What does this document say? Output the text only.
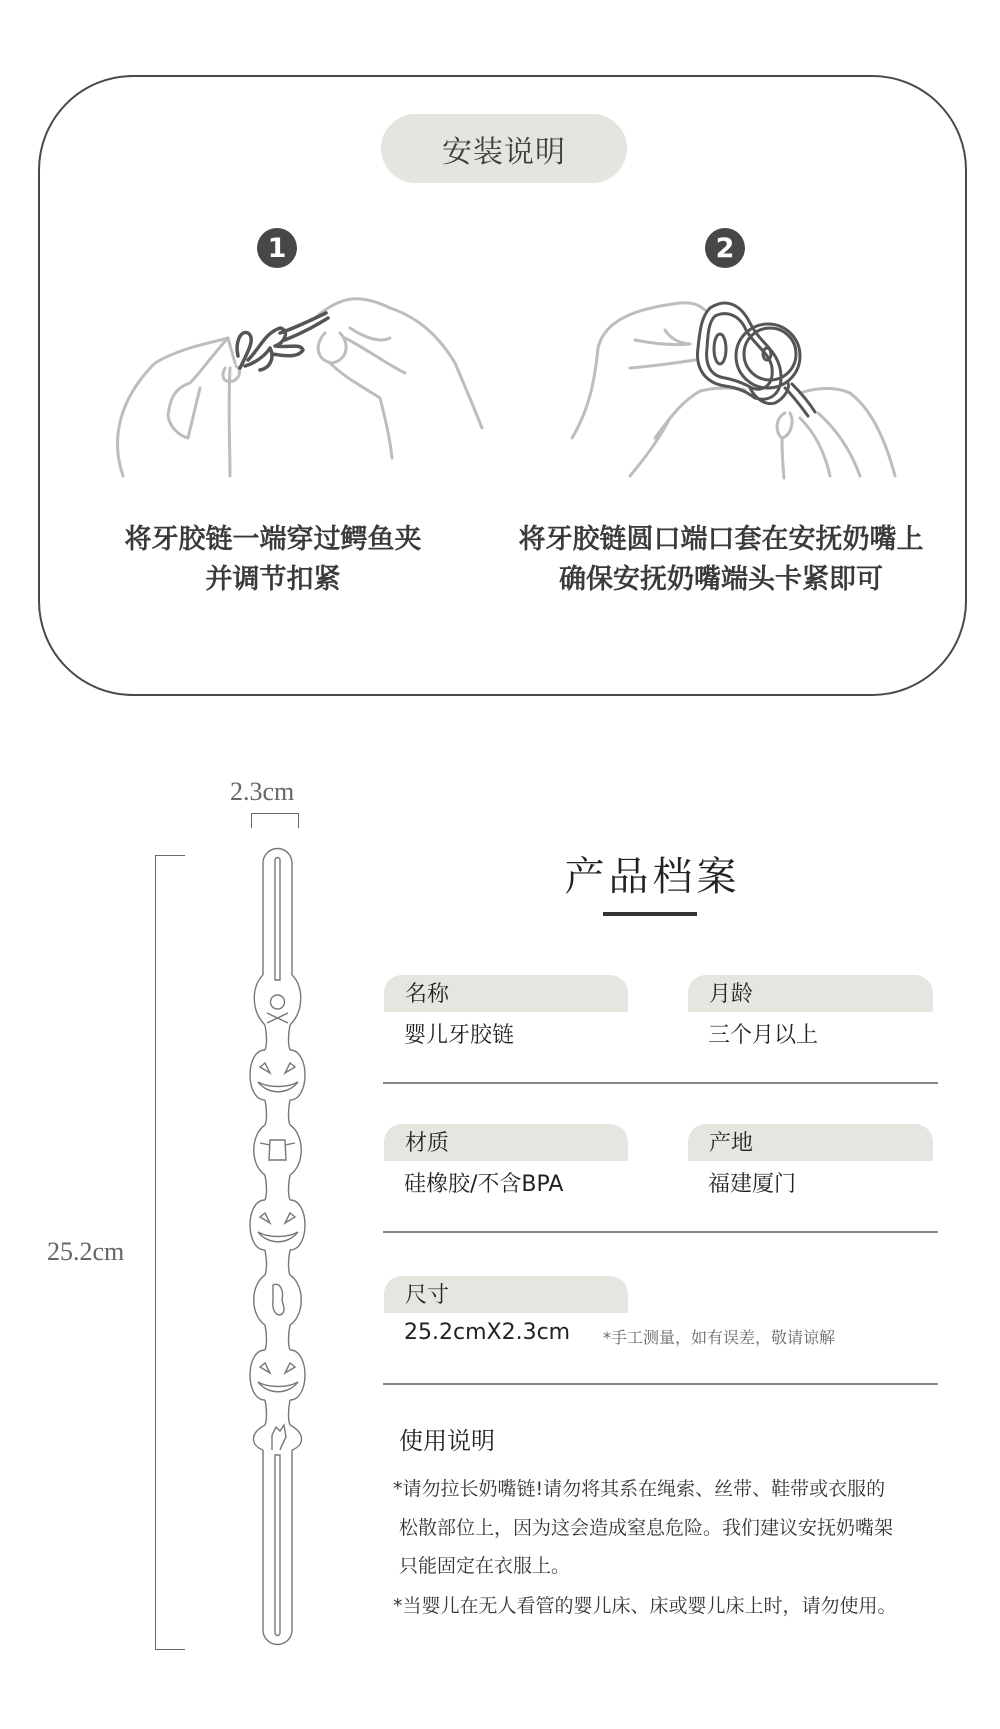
安装说明
1	2
将牙胶链一端穿过鳄鱼夹
并调节扣紧
将牙胶链圆口端口套在安抚奶嘴上
确保安抚奶嘴端头卡紧即可
2.3cm
25.2cm
产品档案
名称
婴儿牙胶链
月龄
三个月以上
材质
硅橡胶/不含BPA
产地
福建厦门
尺寸
25.2cmX2.3cm *手工测量，如有误差，敬请谅解
使用说明
*请勿拉长奶嘴链!请勿将其系在绳索、丝带、鞋带或衣服的
松散部位上，因为这会造成窒息危险。我们建议安抚奶嘴架
只能固定在衣服上。
*当婴儿在无人看管的婴儿床、床或婴儿床上时，请勿使用。
